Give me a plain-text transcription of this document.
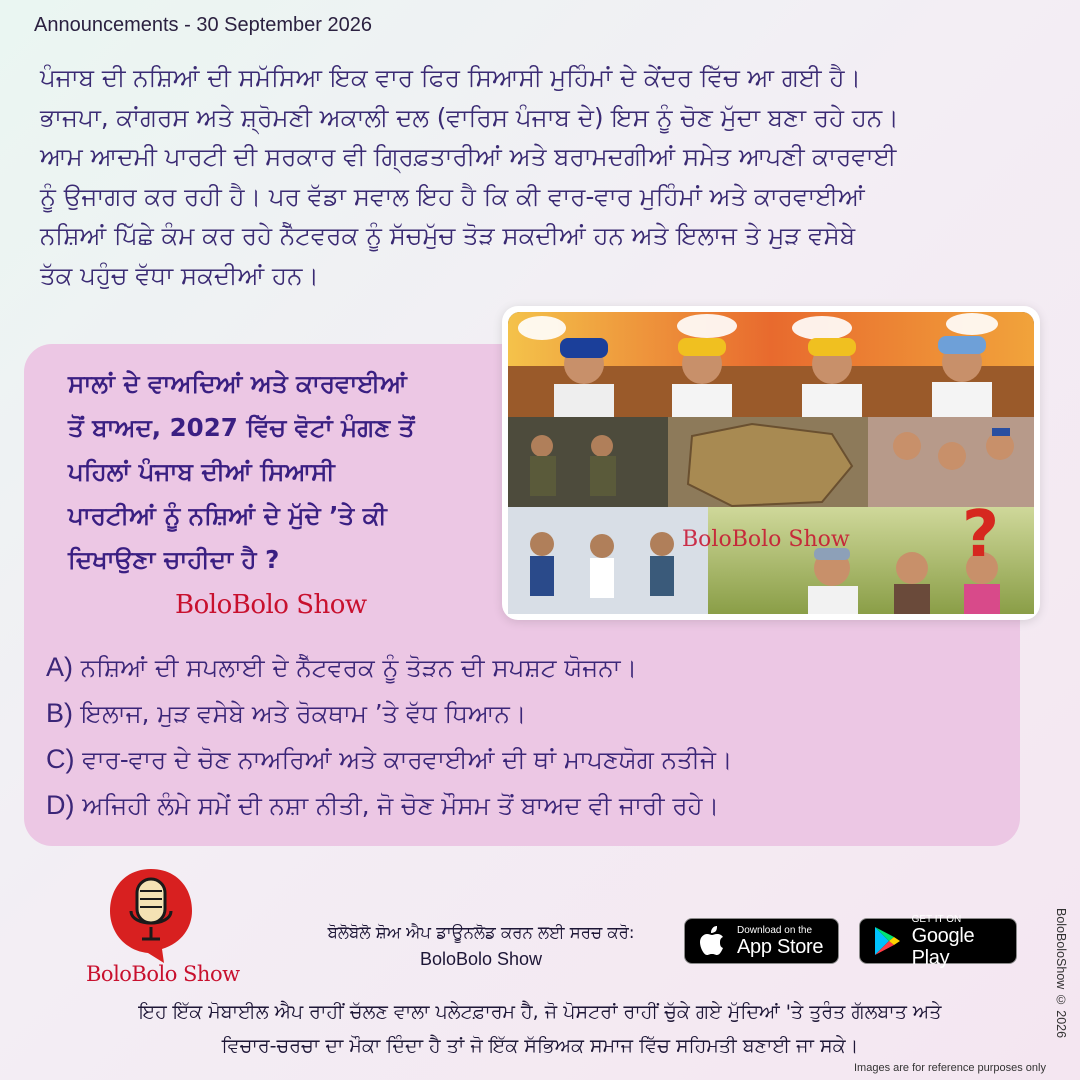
Announcements - 30 September 2026
ਪੰਜਾਬ ਦੀ ਨਸ਼ਿਆਂ ਦੀ ਸਮੱਸਿਆ ਇਕ ਵਾਰ ਫਿਰ ਸਿਆਸੀ ਮੁਹਿੰਮਾਂ ਦੇ ਕੇਂਦਰ ਵਿੱਚ ਆ ਗਈ ਹੈ।
ਭਾਜਪਾ, ਕਾਂਗਰਸ ਅਤੇ ਸ਼੍ਰੋਮਣੀ ਅਕਾਲੀ ਦਲ (ਵਾਰਿਸ ਪੰਜਾਬ ਦੇ) ਇਸ ਨੂੰ ਚੋਣ ਮੁੱਦਾ ਬਣਾ ਰਹੇ ਹਨ।
ਆਮ ਆਦਮੀ ਪਾਰਟੀ ਦੀ ਸਰਕਾਰ ਵੀ ਗ੍ਰਿਫ਼ਤਾਰੀਆਂ ਅਤੇ ਬਰਾਮਦਗੀਆਂ ਸਮੇਤ ਆਪਣੀ ਕਾਰਵਾਈ
ਨੂੰ ਉਜਾਗਰ ਕਰ ਰਹੀ ਹੈ। ਪਰ ਵੱਡਾ ਸਵਾਲ ਇਹ ਹੈ ਕਿ ਕੀ ਵਾਰ-ਵਾਰ ਮੁਹਿੰਮਾਂ ਅਤੇ ਕਾਰਵਾਈਆਂ
ਨਸ਼ਿਆਂ ਪਿੱਛੇ ਕੰਮ ਕਰ ਰਹੇ ਨੈੱਟਵਰਕ ਨੂੰ ਸੱਚਮੁੱਚ ਤੋੜ ਸਕਦੀਆਂ ਹਨ ਅਤੇ ਇਲਾਜ ਤੇ ਮੁੜ ਵਸੇਬੇ
ਤੱਕ ਪਹੁੰਚ ਵੱਧਾ ਸਕਦੀਆਂ ਹਨ।
ਸਾਲਾਂ ਦੇ ਵਾਅਦਿਆਂ ਅਤੇ ਕਾਰਵਾਈਆਂ
ਤੋਂ ਬਾਅਦ, 2027 ਵਿੱਚ ਵੋਟਾਂ ਮੰਗਣ ਤੋਂ
ਪਹਿਲਾਂ ਪੰਜਾਬ ਦੀਆਂ ਸਿਆਸੀ
ਪਾਰਟੀਆਂ ਨੂੰ ਨਸ਼ਿਆਂ ਦੇ ਮੁੱਦੇ ’ਤੇ ਕੀ
ਦਿਖਾਉਣਾ ਚਾਹੀਦਾ ਹੈ ?
BoloBolo Show
?
BoloBolo Show
A) ਨਸ਼ਿਆਂ ਦੀ ਸਪਲਾਈ ਦੇ ਨੈੱਟਵਰਕ ਨੂੰ ਤੋੜਨ ਦੀ ਸਪਸ਼ਟ ਯੋਜਨਾ।
B) ਇਲਾਜ, ਮੁੜ ਵਸੇਬੇ ਅਤੇ ਰੋਕਥਾਮ ’ਤੇ ਵੱਧ ਧਿਆਨ।
C) ਵਾਰ-ਵਾਰ ਦੇ ਚੋਣ ਨਾਅਰਿਆਂ ਅਤੇ ਕਾਰਵਾਈਆਂ ਦੀ ਥਾਂ ਮਾਪਣਯੋਗ ਨਤੀਜੇ।
D) ਅਜਿਹੀ ਲੰਮੇ ਸਮੇਂ ਦੀ ਨਸ਼ਾ ਨੀਤੀ, ਜੋ ਚੋਣ ਮੌਸਮ ਤੋਂ ਬਾਅਦ ਵੀ ਜਾਰੀ ਰਹੇ।
BoloBolo Show
ਬੋਲੋਬੋਲੋ ਸ਼ੋਅ ਐਪ ਡਾਊਨਲੋਡ ਕਰਨ ਲਈ ਸਰਚ ਕਰੋ:
BoloBolo Show
Download on the
App Store
GET IT ON
Google Play
ਇਹ ਇੱਕ ਮੋਬਾਈਲ ਐਪ ਰਾਹੀਂ ਚੱਲਣ ਵਾਲਾ ਪਲੇਟਫ਼ਾਰਮ ਹੈ, ਜੋ ਪੋਸਟਰਾਂ ਰਾਹੀਂ ਚੁੱਕੇ ਗਏ ਮੁੱਦਿਆਂ 'ਤੇ ਤੁਰੰਤ ਗੱਲਬਾਤ ਅਤੇ
ਵਿਚਾਰ-ਚਰਚਾ ਦਾ ਮੌਕਾ ਦਿੰਦਾ ਹੈ ਤਾਂ ਜੋ ਇੱਕ ਸੱਭਿਅਕ ਸਮਾਜ ਵਿੱਚ ਸਹਿਮਤੀ ਬਣਾਈ ਜਾ ਸਕੇ।
BoloBoloShow © 2026
Images are for reference purposes only
